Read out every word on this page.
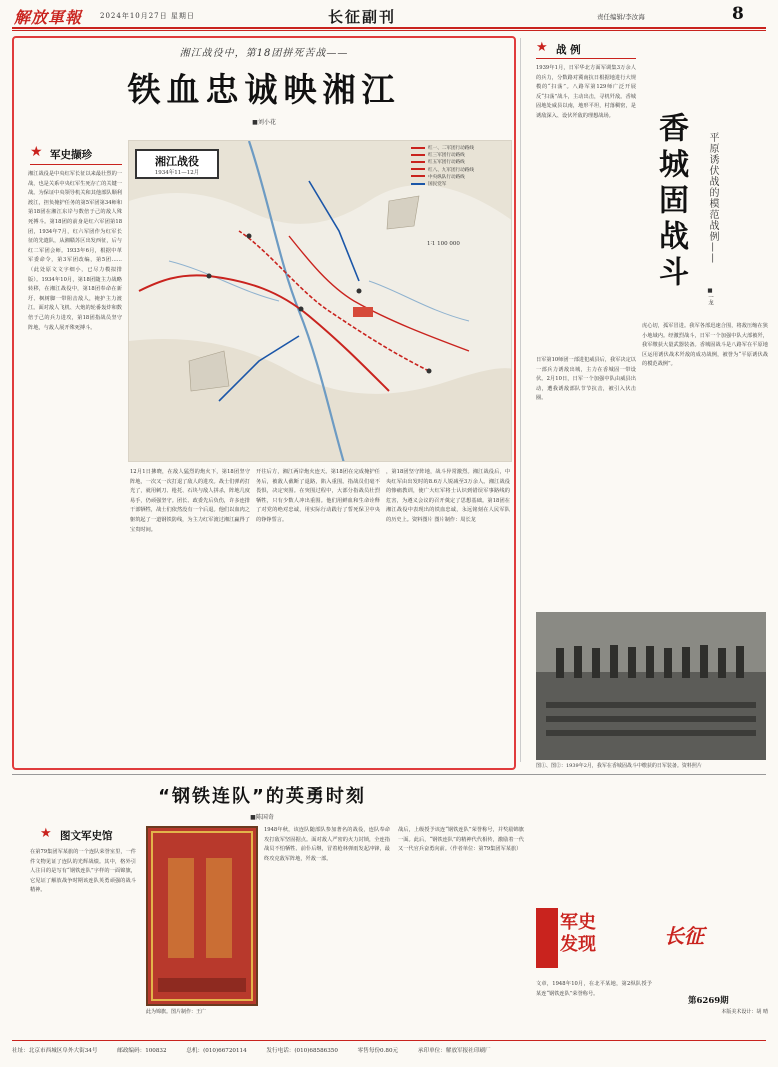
解放軍報	2024年10月27日 星期日	长征副刊	责任编辑/李汝海	8
湘江战役中，第18团拼死苦战——
铁血忠诚映湘江
■刘小花
★ 军史撷珍
湘江战役是中央红军长征以来最壮烈的一战，也是关系中央红军生死存亡的关键一战。为保证中央领导机关和其他部队顺利渡江，担负掩护任务的第5军团第34师和第18团在湘江东岸与数倍于己的敌人殊死搏斗。第18团的前身是红六军团第18团，1934年7月，红六军团作为红军长征的先遣队，从湘赣苏区出发西征，后与红二军团会师。1933年6月，根据中革军委命令，第3军团改编，第5团……（此处原文文字细小，已尽力模拟排版）。1934年10月，第18团随主力战略转移，在湘江战役中，第18团奉命在新圩、枫树脚一带阻击敌人，掩护主力渡江。面对敌人飞机、大炮的轮番轰炸和数倍于己的兵力进攻，第18团指战员坚守阵地，与敌人展开殊死搏斗。
湘江战役
1934年11—12月
红一、二军团行动路线
红三军团行动路线
红五军团行动路线
红八、九军团行动路线
中央纵队行动路线
国民党军
1∶1 100 000
12月1日拂晓，在敌人猛烈的炮火下，第18团坚守阵地，一次又一次打退了敌人的进攻。战士们弹药打光了，就用刺刀、枪托、石块与敌人拼杀，阵地几度易手，仍顽强坚守。团长、政委先后负伤，许多连排干部牺牲，战士们依然没有一个后退。他们以血肉之躯筑起了一道钢铁防线，为主力红军渡过湘江赢得了宝贵时间。
开往后方，湘江两岸炮火连天。第18团在完成掩护任务后，被敌人截断了退路，陷入重围。指战员们毫不畏惧，决定突围。在突围过程中，大部分指战员壮烈牺牲，只有少数人冲出重围。他们用鲜血和生命诠释了对党的绝对忠诚，用实际行动践行了誓死保卫中央的铮铮誓言。
，第18团坚守阵地，战斗异常激烈。湘江战役后，中央红军由出发时的8.6万人锐减至3万余人。湘江战役的惨痛教训，使广大红军将士认识到错误军事路线的危害，为遵义会议的召开奠定了思想基础。第18团在湘江战役中表现出的铁血忠诚，永远铭刻在人民军队的历史上。资料图片 图片制作：周长龙
★ 战 例
1939年1月，日军华北方面军调集3万余人的兵力，分数路对冀南抗日根据地进行大规模的“扫荡”。八路军第129师广泛开展反“扫荡”战斗，主动出击，寻机歼敌。香城固地处威县以南，地形平坦，村落稠密，是诱敌深入、设伏歼敌的理想战场。
日军第10师团一部进犯威县后，我军决定以一部兵力诱敌出城，主力在香城固一带设伏。2月10日，日军一个加强中队由威县出动，遭我诱敌部队节节抗击，被引入伏击圈。
香城固战斗	平原诱伏战的模范战例——
■一龙
虎心切，孤军冒进。我军各部迅速合围，将敌压缩在狭小地域内。经激烈战斗，日军一个加强中队大部被歼，我军缴获大量武器装备。香城固战斗是八路军在平原地区运用诱伏战术歼敌的成功战例，被誉为“平原诱伏战的模范战例”。
图①、图②：1939年2月，我军在香城固战斗中缴获的日军装备。资料照片
“钢铁连队”的英勇时刻
■陈国奇
★ 图文军史馆
在第79集团军某旅的一个连队荣誉室里，一件件文物见证了连队的光辉战绩。其中，格外引人注目的是写有“钢铁连队”字样的一面锦旗，它见证了解放战争时期该连队英勇顽强的战斗精神。
此为锦旗。图片制作：王广
1948年秋，该连队随部队参加著名的战役，连队奉命攻打敌军坚固据点。面对敌人严密的火力封锁，全连指战员不怕牺牲、前仆后继，冒着枪林弹雨发起冲锋，最终攻克敌军阵地，歼敌一部。
战后，上级授予该连“钢铁连队”荣誉称号，并奖励锦旗一面。此后，“钢铁连队”的精神代代相传，激励着一代又一代官兵奋勇向前。（作者单位：第79集团军某旅）
军史发现
文章，1948年10月，在北平某地，第2纵队授予某连“钢铁连队”荣誉称号。
长征
第6269期
本版美术设计：胡 晴
社址：北京市西城区阜外大街34号	邮政编码：100832	总机：(010)66720114	发行电话：(010)68586350	零售每份0.80元	承印单位：解放军报社印刷厂
